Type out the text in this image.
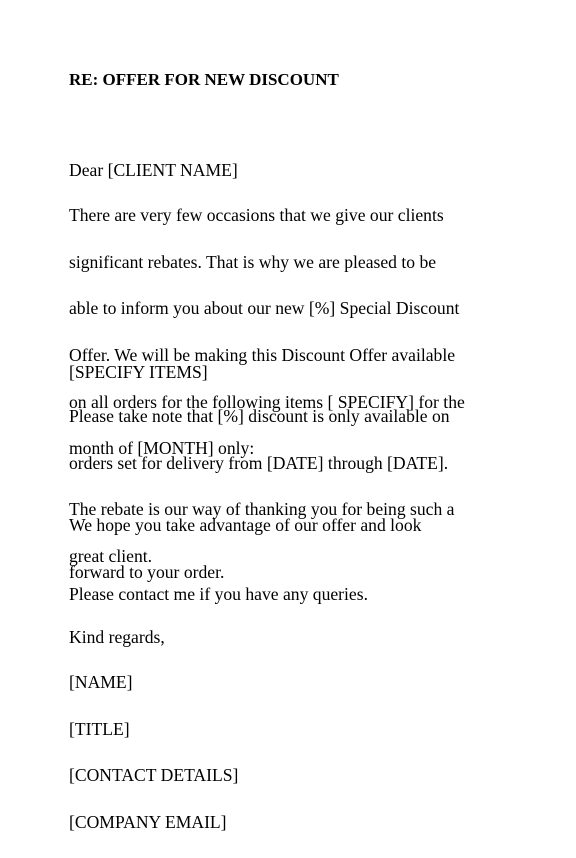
RE: OFFER FOR NEW DISCOUNT

Dear [CLIENT NAME]

There are very few occasions that we give our clients

significant rebates. That is why we are pleased to be

able to inform you about our new [%] Special Discount

Offer. We will be making this Discount Offer available

on all orders for the following items [ SPECIFY] for the

month of [MONTH] only:

[SPECIFY ITEMS]

Please take note that [%] discount is only available on

orders set for delivery from [DATE] through [DATE].

The rebate is our way of thanking you for being such a

great client.

We hope you take advantage of our offer and look

forward to your order.

Please contact me if you have any queries.

Kind regards,

[NAME]

[TITLE]

[CONTACT DETAILS]

[COMPANY EMAIL]
